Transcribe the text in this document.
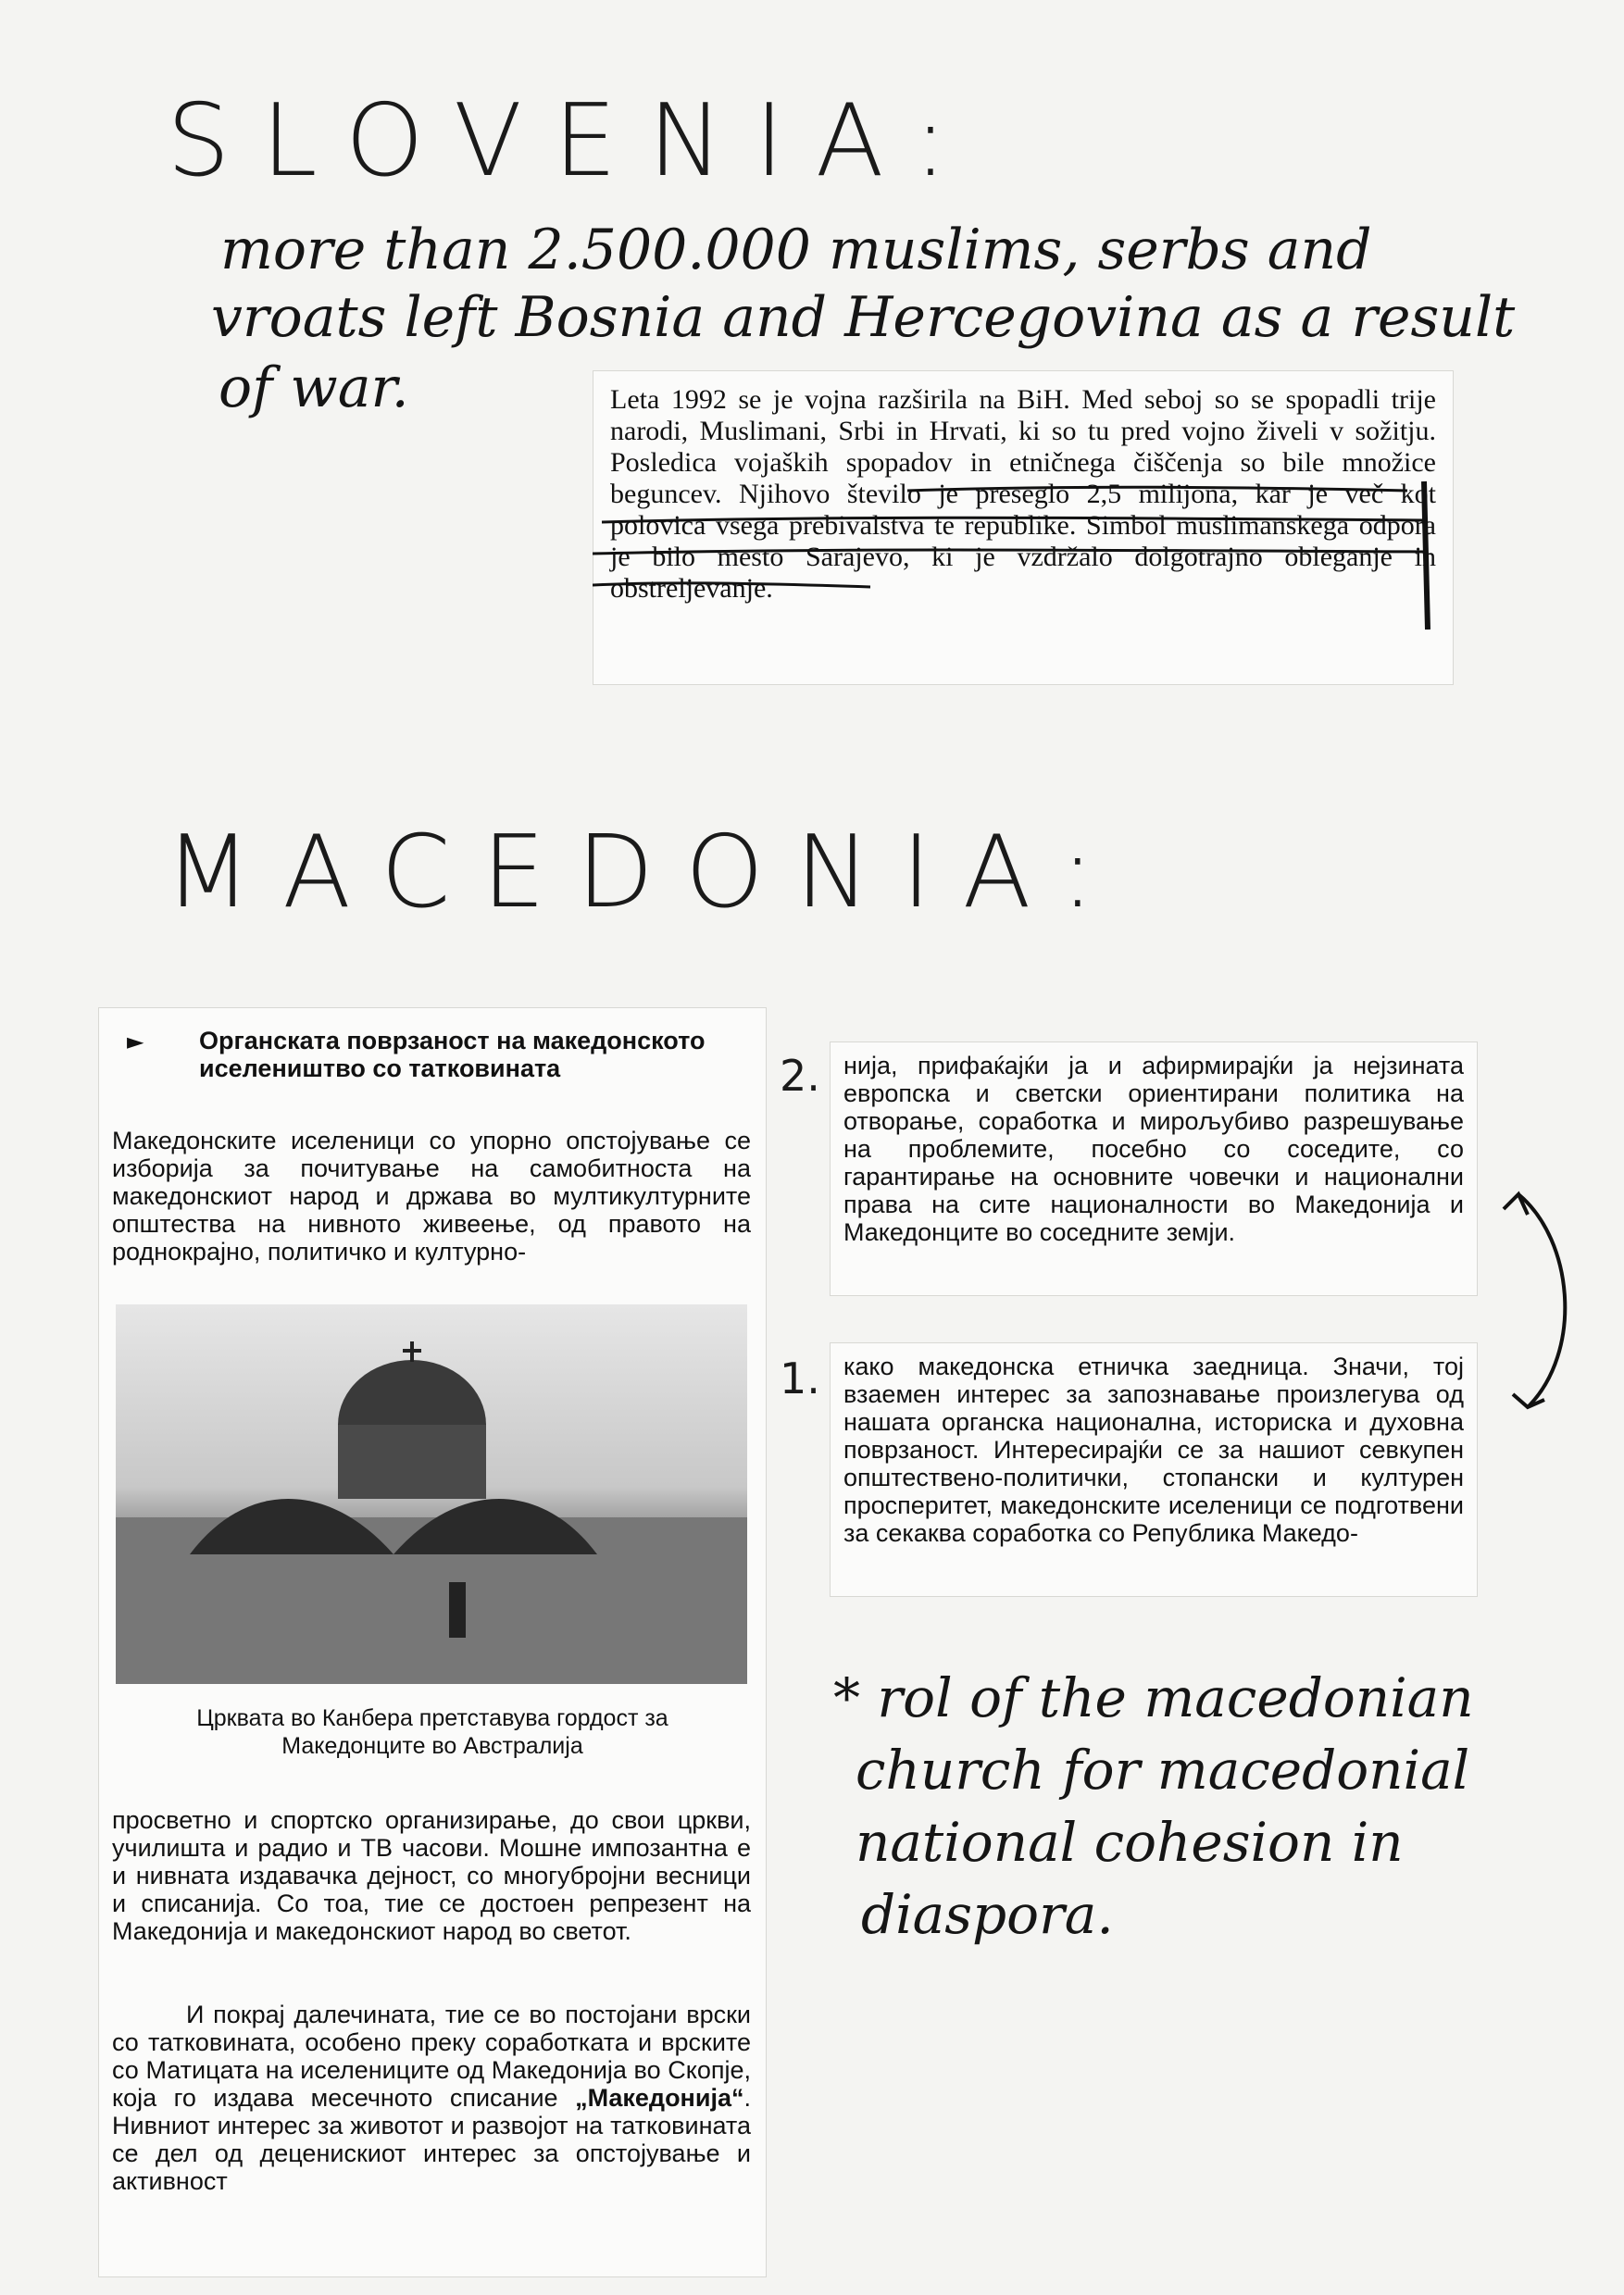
SLOVENIA:
more than 2.500.000 muslims, serbs and
vroats left Bosnia and Hercegovina as a result
of war.	Leta 1992 se je vojna razširila na BiH. Med seboj so se spopadli trije narodi, Muslimani, Srbi in Hrvati, ki so tu pred vojno živeli v sožitju. Posledica vojaških spopadov in etničnega čiščenja so bile množice beguncev. Njihovo število je preseglo 2,5 milijona, kar je več kot polovica vsega prebivalstva te republike. Simbol muslimanskega odpora je bilo mesto Sarajevo, ki je vzdržalo dolgotrajno obleganje in obstreljevanje.
MACEDONIA:
► Органската поврзаност на македонското иселеништво со татковината
Македонските иселеници со упорно опстојување се изборија за почитување на самобитноста на македонскиот народ и држава во мултикултурните општества на нивното живеење, од правото на роднокрајно, политичко и културно-
Црквата во Канбера претставува гордост за Македонците во Австралија
просветно и спортско организирање, до свои цркви, училишта и радио и ТВ часови. Мошне импозантна е и нивната издавачка дејност, со многубројни весници и списанија. Со тоа, тие се достоен репрезент на Македонија и македонскиот народ во светот.
И покрај далечината, тие се во постојани врски со татковината, особено преку соработката и врските со Матицата на иселениците од Македонија во Скопје, која го издава месечното списание „Македонија“. Нивниот интерес за животот и развојот на татковината се дел од деценискиот интерес за опстојување и активност
2. нија, прифаќајќи ја и афирмирајќи ја нејзината европска и светски ориентирани политика на отворање, соработка и мирољубиво разрешување на проблемите, посебно со соседите, со гарантирање на основните човечки и национални права на сите националности во Македонија и Македонците во соседните земји.
1. како македонска етничка заедница. Значи, тој взаемен интерес за запознавање произлегува од нашата органска национална, историска и духовна поврзаност. Интересирајќи се за нашиот севкупен општествено-политички, стопански и културен просперитет, македонските иселеници се подготвени за секаква соработка со Република Македо-
* rol of the macedonian
church for macedonial
national cohesion in
diaspora.
